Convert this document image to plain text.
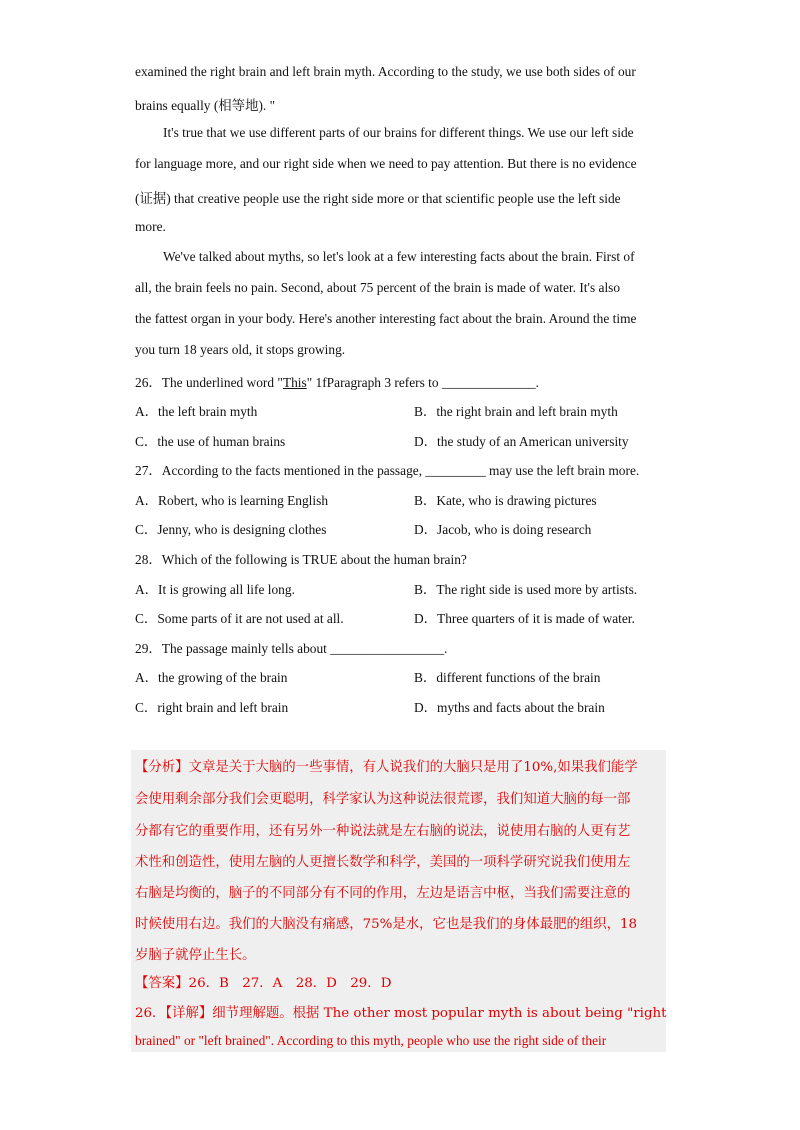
examined the right brain and left brain myth. According to the study, we use both sides of our
brains equally (相等地). "
It's true that we use different parts of our brains for different things. We use our left side
for language more, and our right side when we need to pay attention. But there is no evidence
(证据) that creative people use the right side more or that scientific people use the left side
more.
We've talked about myths, so let's look at a few interesting facts about the brain. First of
all, the brain feels no pain. Second, about 75 percent of the brain is made of water. It's also
the fattest organ in your body. Here's another interesting fact about the brain. Around the time
you turn 18 years old, it stops growing.
26．The underlined word "This" 1fParagraph 3 refers to ______________.
A．the left brain myth	B．the right brain and left brain myth
C．the use of human brains	D．the study of an American university
27．According to the facts mentioned in the passage, _________ may use the left brain more.
A．Robert, who is learning English	B．Kate, who is drawing pictures
C．Jenny, who is designing clothes	D．Jacob, who is doing research
28．Which of the following is TRUE about the human brain?
A．It is growing all life long.	B．The right side is used more by artists.
C．Some parts of it are not used at all.	D．Three quarters of it is made of water.
29．The passage mainly tells about _________________.
A．the growing of the brain	B．different functions of the brain
C．right brain and left brain	D．myths and facts about the brain
【分析】文章是关于大脑的一些事情，有人说我们的大脑只是用了10%,如果我们能学
会使用剩余部分我们会更聪明，科学家认为这种说法很荒谬，我们知道大脑的每一部
分都有它的重要作用，还有另外一种说法就是左右脑的说法，说使用右脑的人更有艺
术性和创造性，使用左脑的人更擅长数学和科学，美国的一项科学研究说我们使用左
右脑是均衡的，脑子的不同部分有不同的作用，左边是语言中枢，当我们需要注意的
时候使用右边。我们的大脑没有痛感，75%是水，它也是我们的身体最肥的组织，18
岁脑子就停止生长。
【答案】26．B　27．A　28．D　29．D
26．【详解】细节理解题。根据 The other most popular myth is about being "right
brained" or "left brained". According to this myth, people who use the right side of their
